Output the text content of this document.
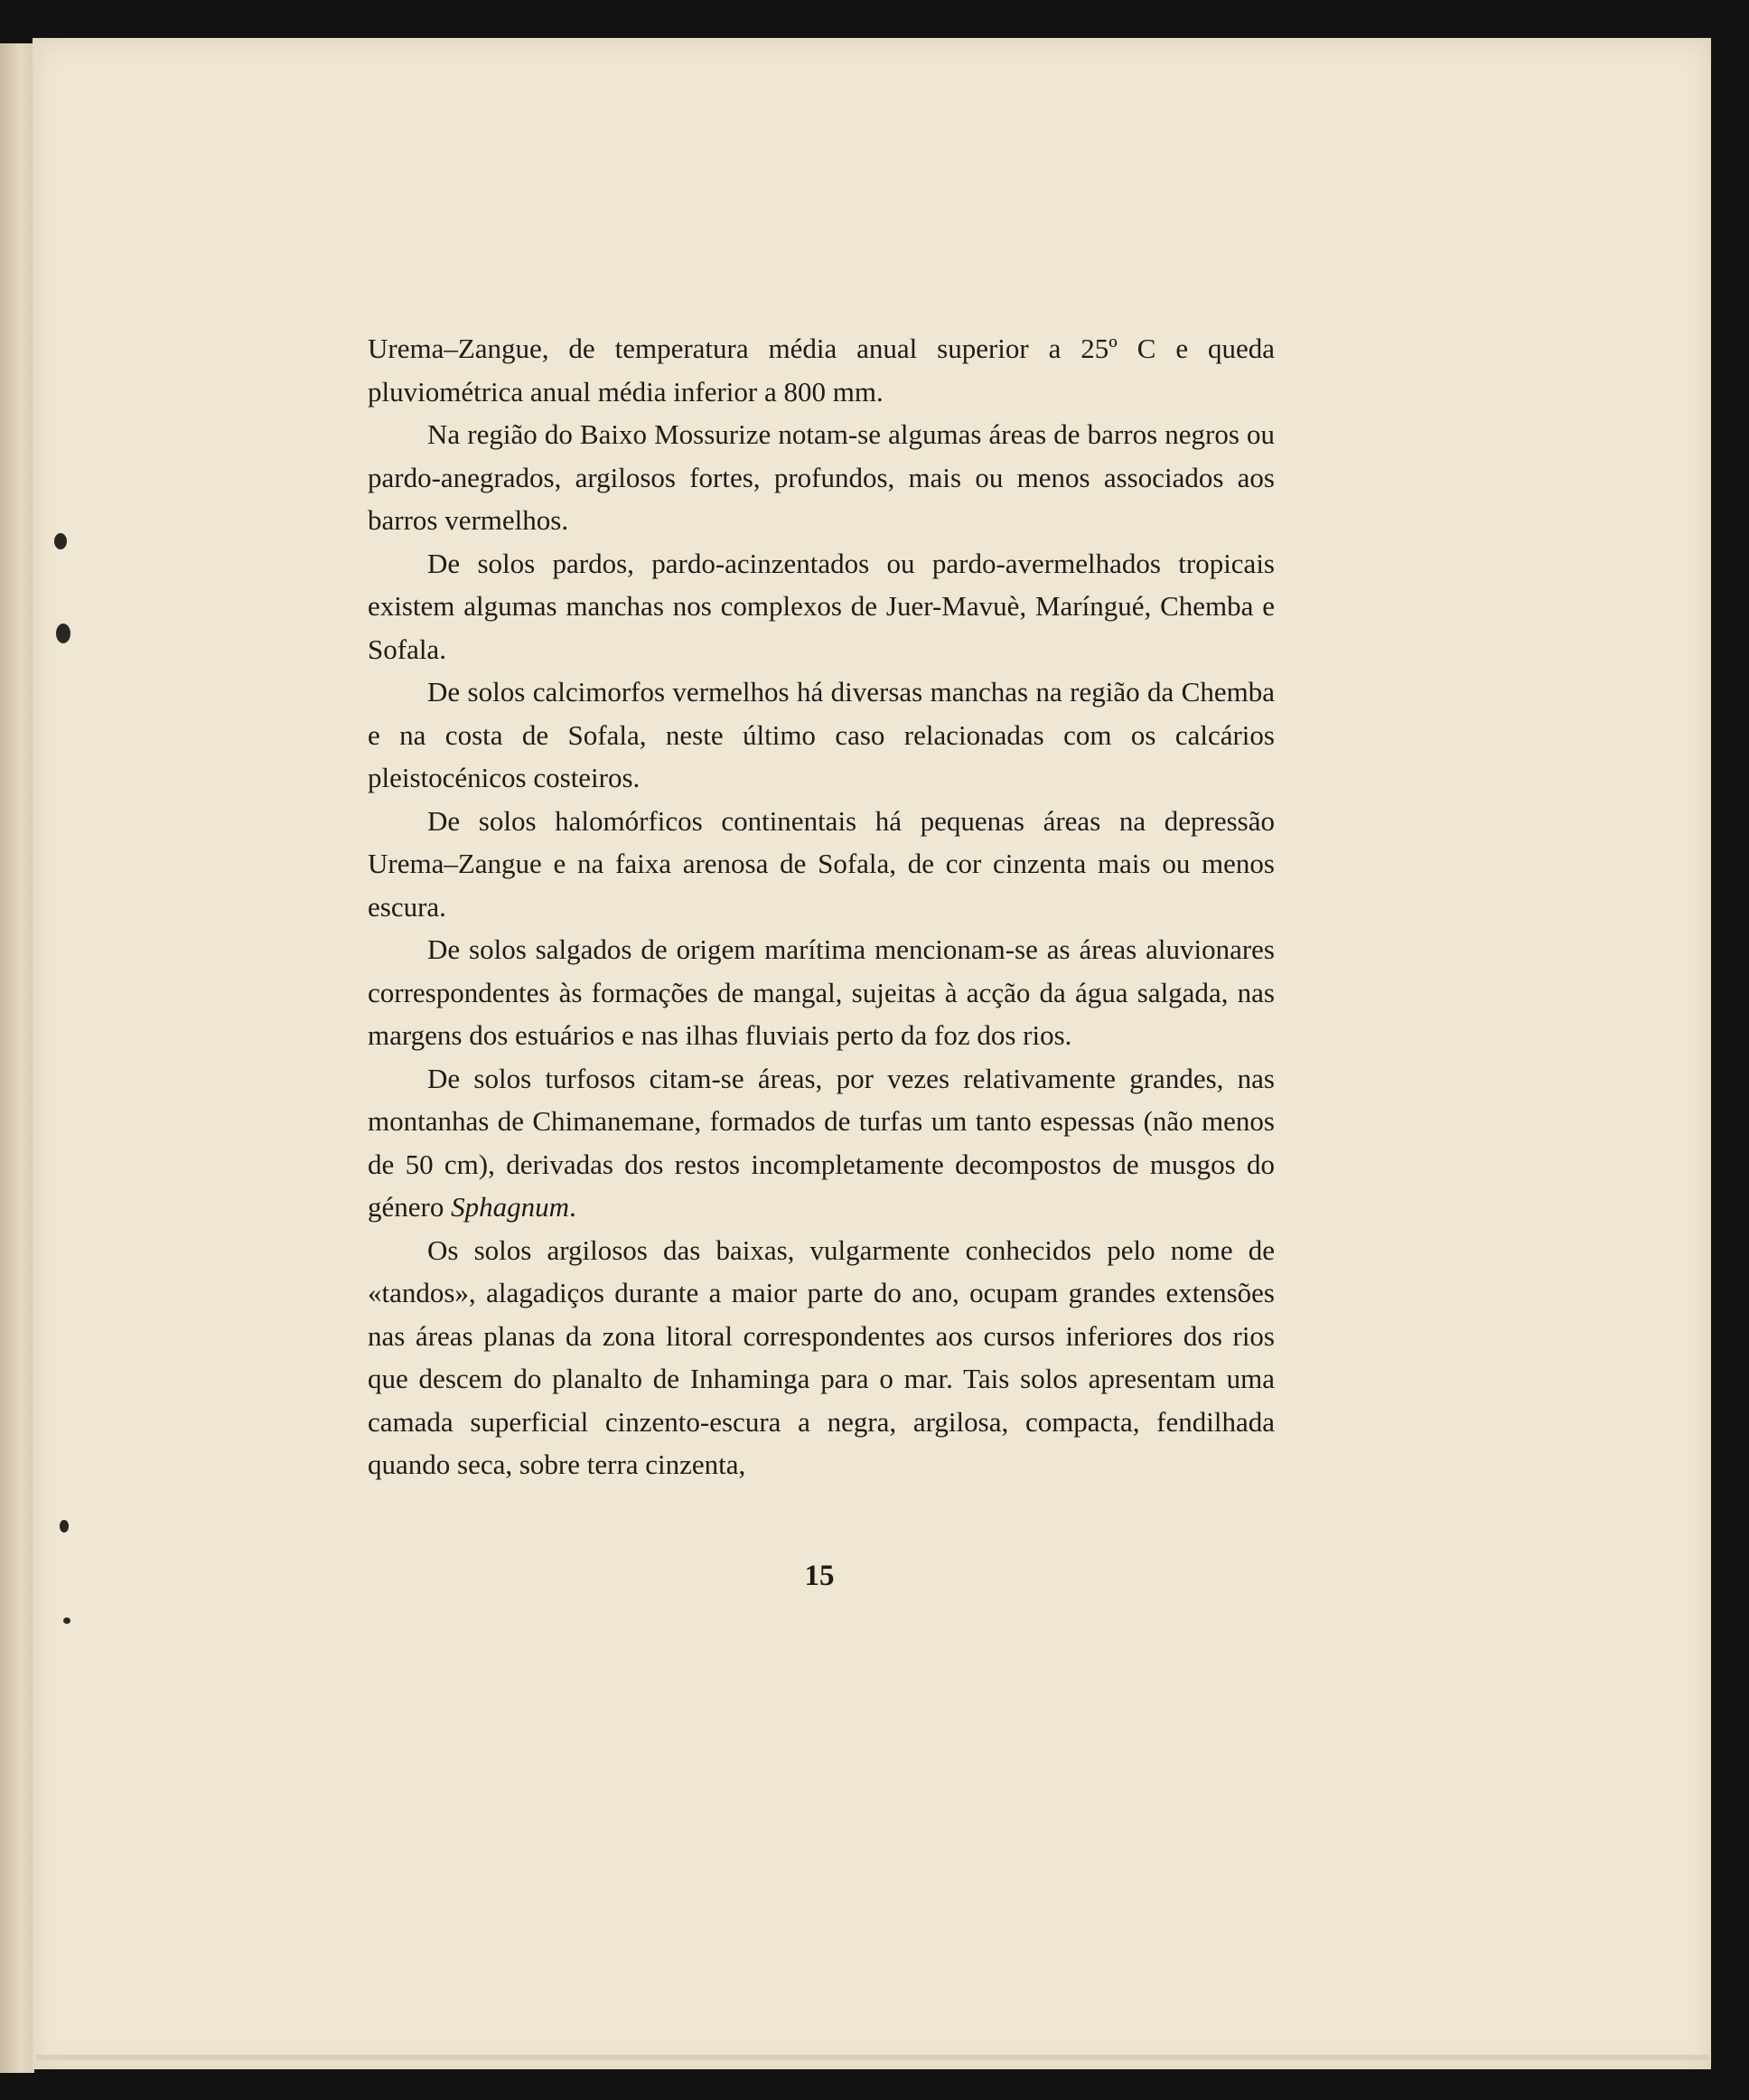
Urema–Zangue, de temperatura média anual superior a 25º C e queda pluviométrica anual média inferior a 800 mm.

Na região do Baixo Mossurize notam-se algumas áreas de barros negros ou pardo-anegrados, argilosos fortes, profundos, mais ou menos associados aos barros vermelhos.

De solos pardos, pardo-acinzentados ou pardo-avermelhados tropicais existem algumas manchas nos complexos de Juer-Mavuè, Maríngué, Chemba e Sofala.

De solos calcimorfos vermelhos há diversas manchas na região da Chemba e na costa de Sofala, neste último caso relacionadas com os calcários pleistocénicos costeiros.

De solos halomórficos continentais há pequenas áreas na depressão Urema–Zangue e na faixa arenosa de Sofala, de cor cinzenta mais ou menos escura.

De solos salgados de origem marítima mencionam-se as áreas aluvionares correspondentes às formações de mangal, sujeitas à acção da água salgada, nas margens dos estuários e nas ilhas fluviais perto da foz dos rios.

De solos turfosos citam-se áreas, por vezes relativamente grandes, nas montanhas de Chimanemane, formados de turfas um tanto espessas (não menos de 50 cm), derivadas dos restos incompletamente decompostos de musgos do género Sphagnum.

Os solos argilosos das baixas, vulgarmente conhecidos pelo nome de «tandos», alagadiços durante a maior parte do ano, ocupam grandes extensões nas áreas planas da zona litoral correspondentes aos cursos inferiores dos rios que descem do planalto de Inhaminga para o mar. Tais solos apresentam uma camada superficial cinzento-escura a negra, argilosa, compacta, fendilhada quando seca, sobre terra cinzenta,

15
